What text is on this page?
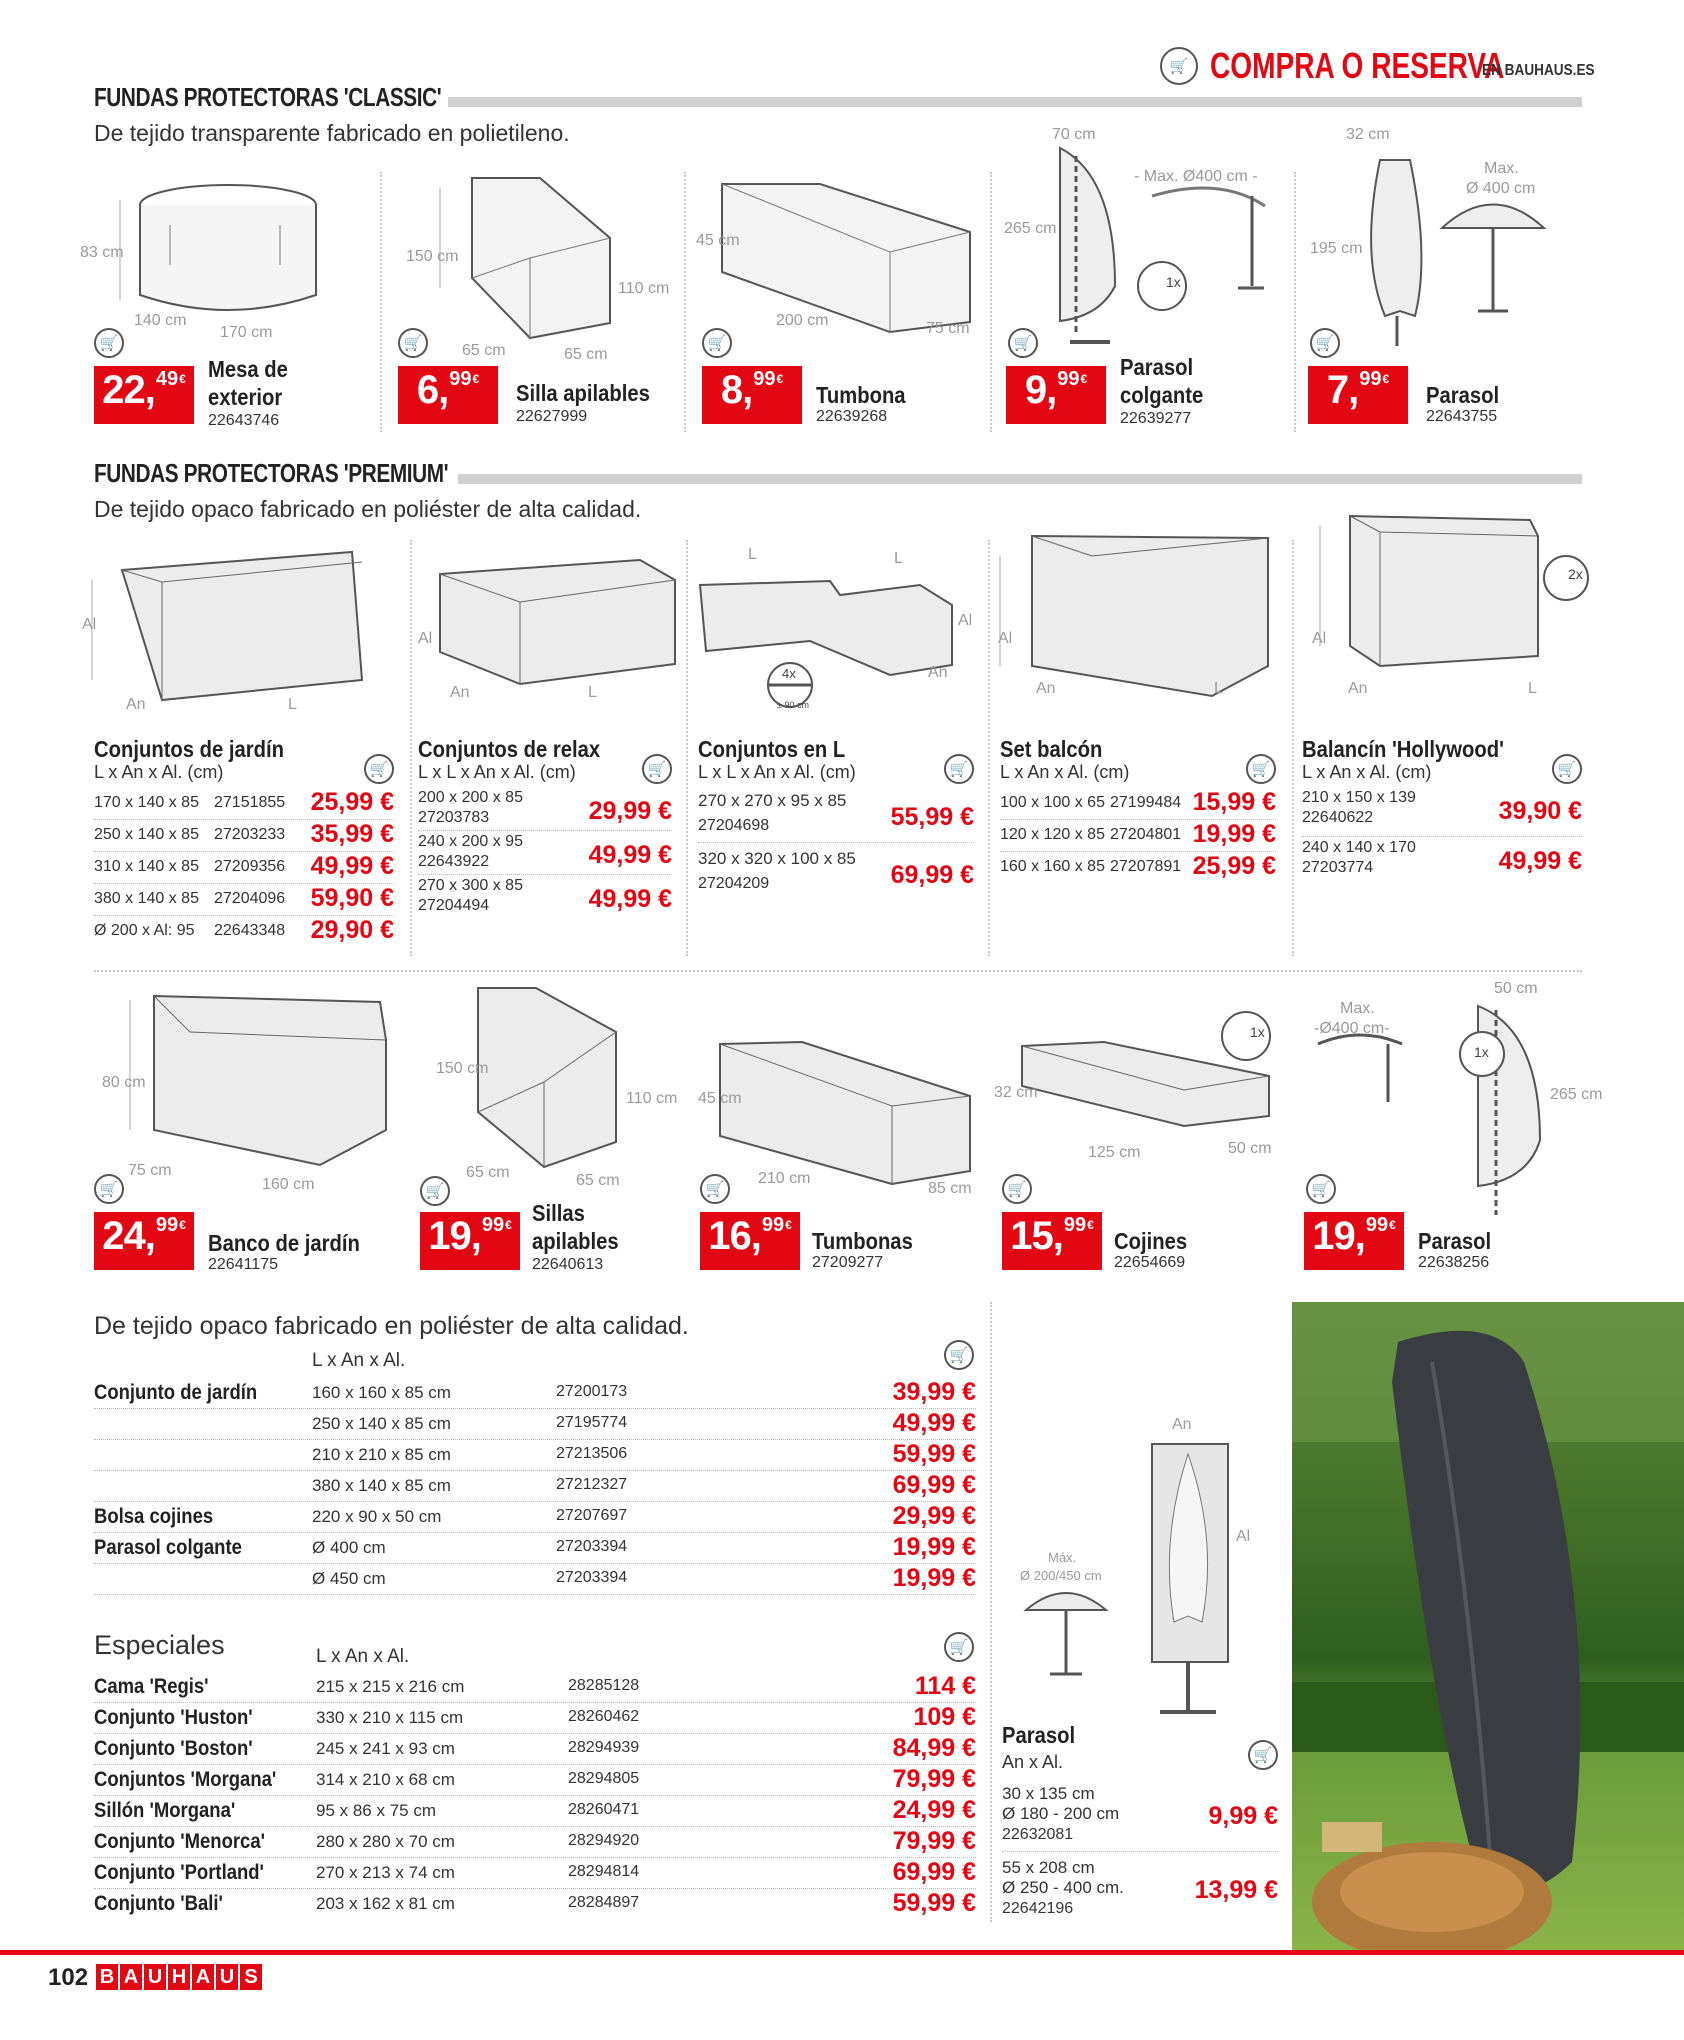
🛒 COMPRA O RESERVA
EN BAUHAUS.ES
FUNDAS PROTECTORAS 'CLASSIC'
De tejido transparente fabricado en polietileno.
83 cm
140 cm
170 cm
🛒
22, 49 € Mesa de
exterior
22643746
150 cm
110 cm
65 cm	65 cm
🛒
6, 99 €
Silla apilables
22627999
45 cm
200 cm	75 cm
🛒
8, 99 €
Tumbona
22639268
70 cm
265 cm
- Max. Ø400 cm -
1x
🛒
9, 99 € Parasol
colgante
22639277
32 cm
195 cm
Max.
Ø 400 cm
🛒
7, 99 €
Parasol
22643755
FUNDAS PROTECTORAS 'PREMIUM'
De tejido opaco fabricado en poliéster de alta calidad.
Al
An	L
Al
An	L
L	L
Al
An
4x
± 90 cm
Al
An	L
Al
An	L
2x
Conjuntos de jardín
L x An x Al. (cm)	🛒
170 x 140 x 85 27151855 25,99 €
250 x 140 x 85 27203233 35,99 €
310 x 140 x 85 27209356 49,99 €
380 x 140 x 85 27204096 59,90 €
Ø 200 x Al: 95 22643348 29,90 €
Conjuntos de relax
L x L x An x Al. (cm)	🛒
200 x 200 x 85
27203783	29,99 €
240 x 200 x 95
22643922	49,99 €
270 x 300 x 85
27204494	49,99 €
Conjuntos en L
L x L x An x Al. (cm)	🛒
270 x 270 x 95 x 85
27204698	55,99 €
320 x 320 x 100 x 85
27204209	69,99 €
Set balcón
L x An x Al. (cm)	🛒
100 x 100 x 65 27199484 15,99 €
120 x 120 x 85 27204801 19,99 €
160 x 160 x 85 27207891 25,99 €
Balancín 'Hollywood'
L x An x Al. (cm)	🛒
210 x 150 x 139
22640622	39,90 €
240 x 140 x 170
27203774	49,99 €
80 cm
75 cm
160 cm
🛒
24, 99 €
Banco de jardín
22641175
150 cm
110 cm
65 cm	65 cm
🛒
19, 99 € Sillas
apilables
22640613
45 cm
210 cm
85 cm
🛒
16, 99 €
Tumbonas
27209277
32 cm
125 cm	50 cm
1x
🛒
15, 99 €
Cojines
22654669
Max.
-Ø400 cm-
50 cm
265 cm
1x
🛒
19, 99 €
Parasol
22638256
De tejido opaco fabricado en poliéster de alta calidad.
🛒
L x An x Al.
Conjunto de jardín	160 x 160 x 85 cm	27200173	39,99 €
250 x 140 x 85 cm	27195774	49,99 €
210 x 210 x 85 cm	27213506	59,99 €
380 x 140 x 85 cm	27212327	69,99 €
Bolsa cojines	220 x 90 x 50 cm	27207697	29,99 €
Parasol colgante	Ø 400 cm	27203394	19,99 €
Ø 450 cm	27203394	19,99 €
Especiales	🛒
L x An x Al.
Cama 'Regis'	215 x 215 x 216 cm	28285128	114 €
Conjunto 'Huston'	330 x 210 x 115 cm	28260462	109 €
Conjunto 'Boston'	245 x 241 x 93 cm	28294939	84,99 €
Conjuntos 'Morgana' 314 x 210 x 68 cm	28294805	79,99 €
Sillón 'Morgana'	95 x 86 x 75 cm	28260471	24,99 €
Conjunto 'Menorca'	280 x 280 x 70 cm	28294920	79,99 €
Conjunto 'Portland'	270 x 213 x 74 cm	28294814	69,99 €
Conjunto 'Bali'	203 x 162 x 81 cm	28284897	59,99 €
An
Al
Máx.
Ø 200/450 cm
Parasol
An x Al.	🛒
30 x 135 cm
Ø 180 - 200 cm
22632081
9,99 €
55 x 208 cm
Ø 250 - 400 cm.
22642196
13,99 €
102 B A U H A U S
